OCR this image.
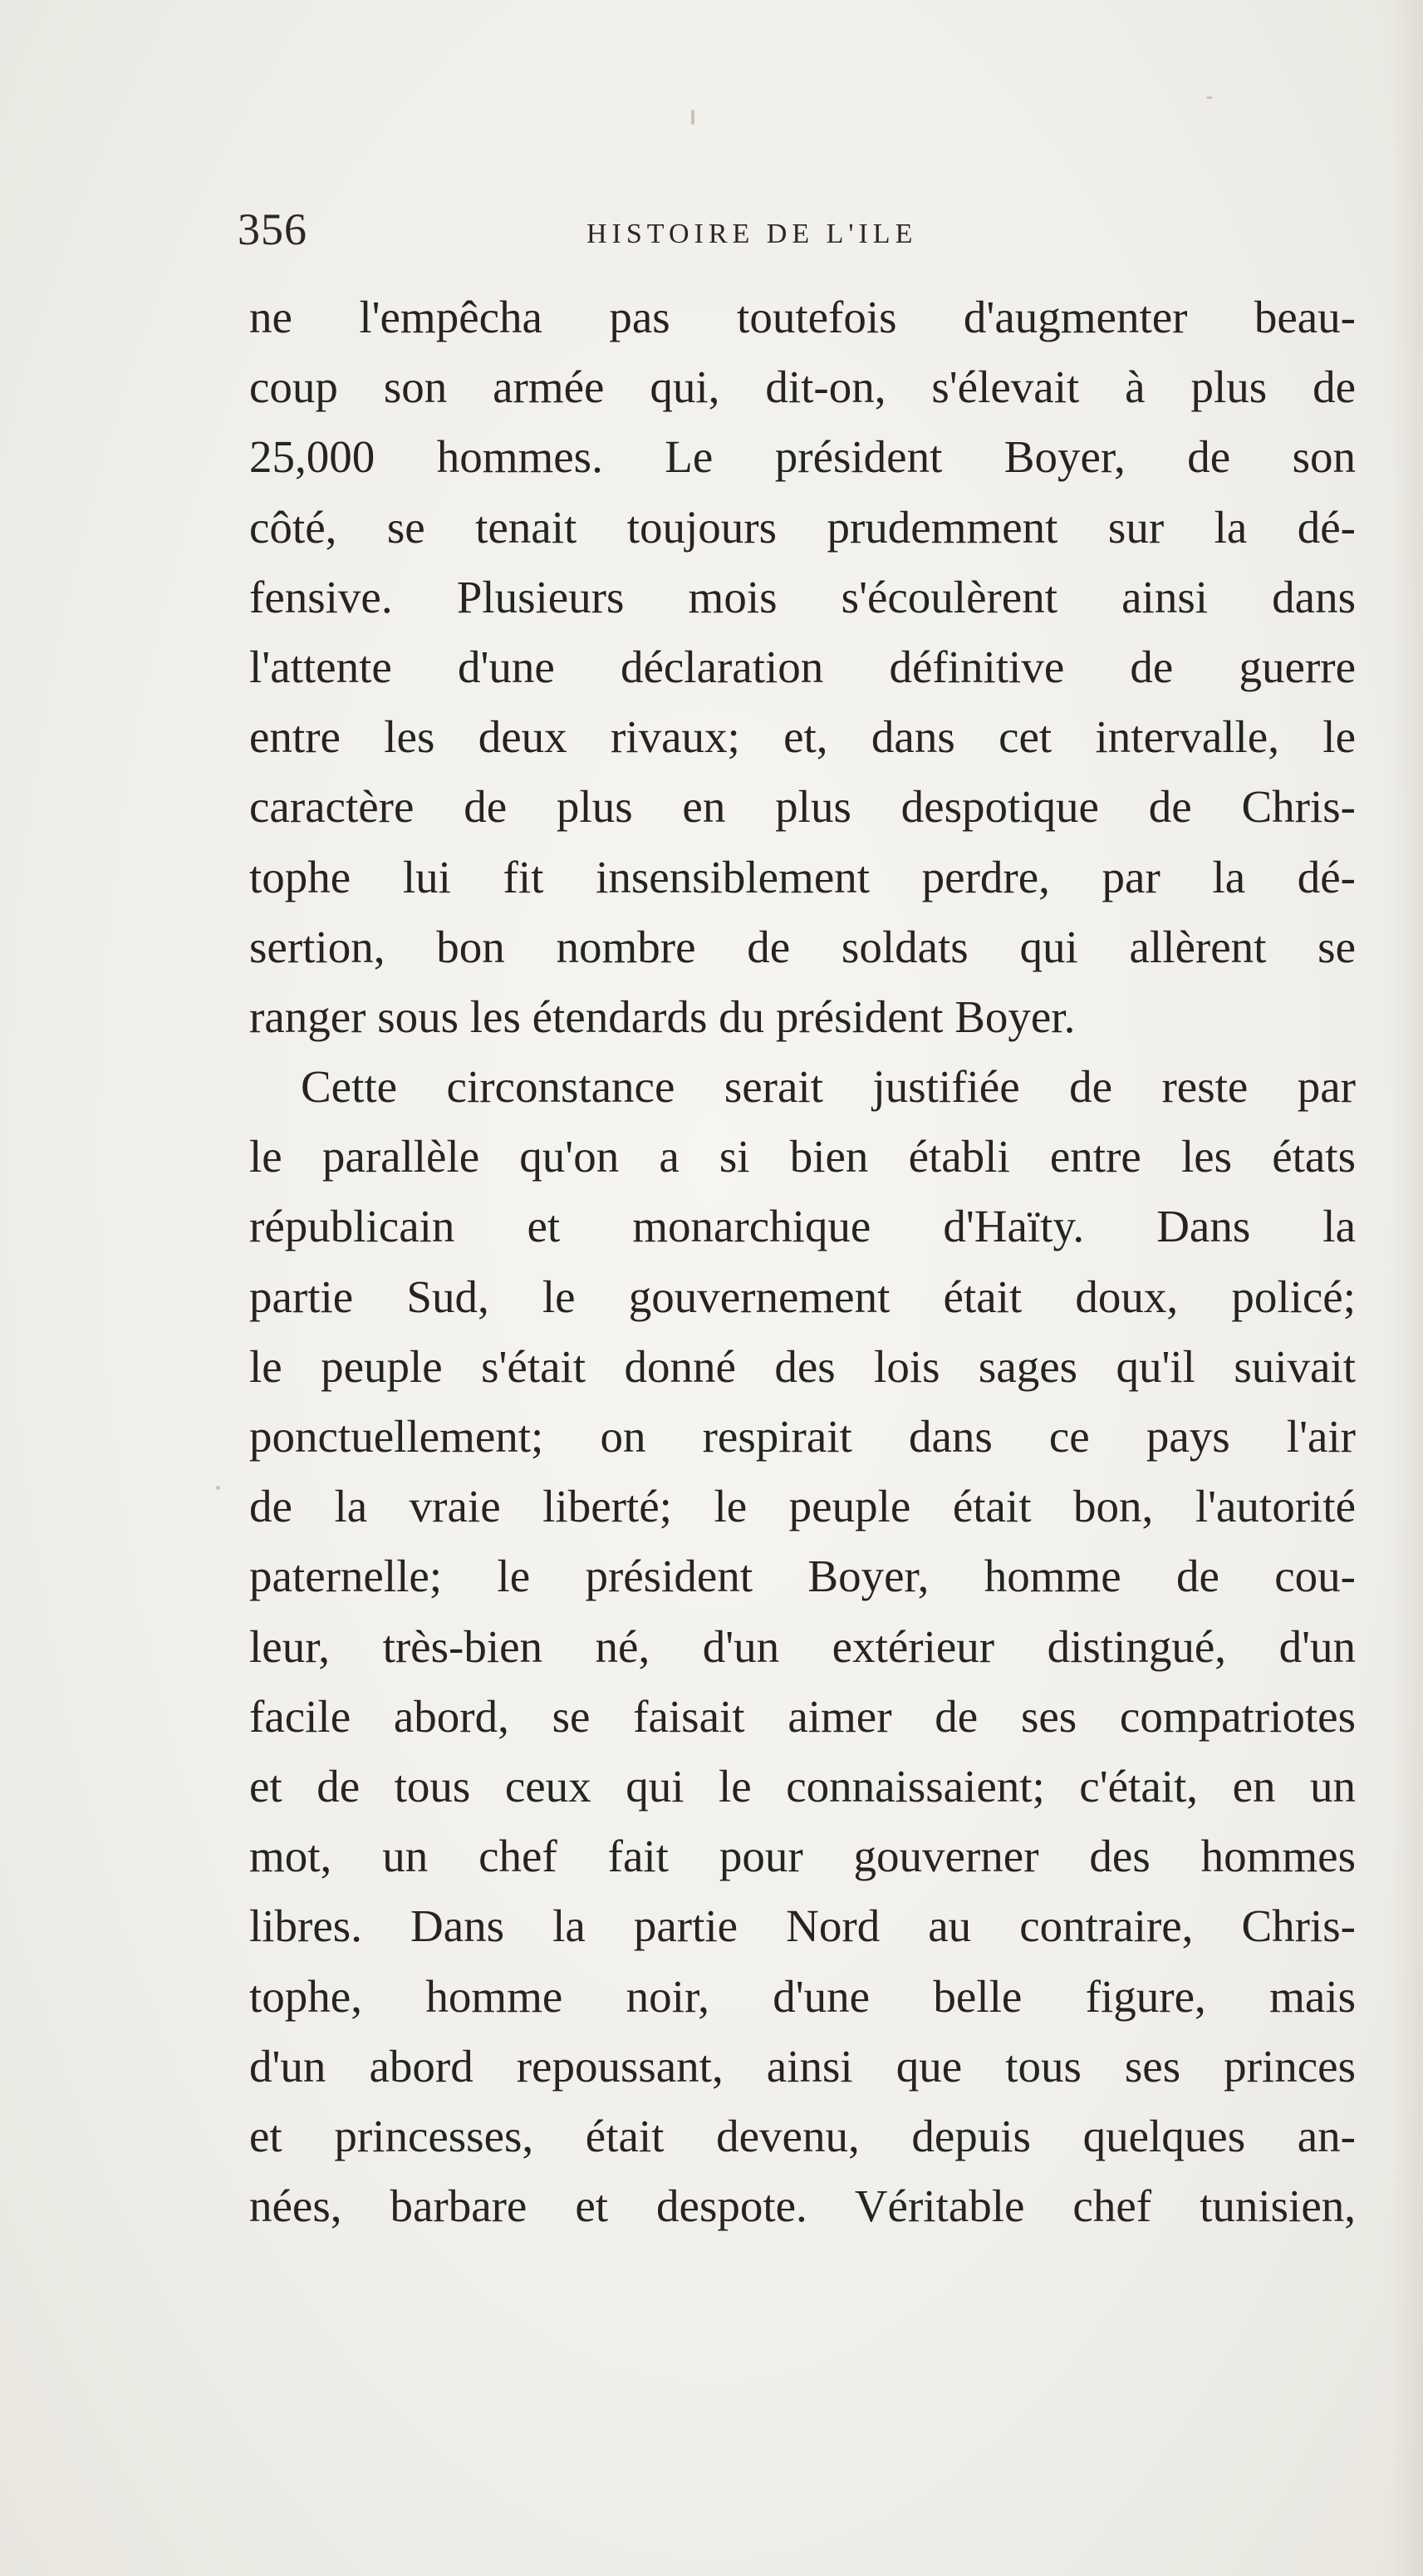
356	HISTOIRE DE L'ILE
ne l'empêcha pas toutefois d'augmenter beau-
coup son armée qui, dit-on, s'élevait à plus de
25,000 hommes. Le président Boyer, de son
côté, se tenait toujours prudemment sur la dé-
fensive. Plusieurs mois s'écoulèrent ainsi dans
l'attente d'une déclaration définitive de guerre
entre les deux rivaux; et, dans cet intervalle, le
caractère de plus en plus despotique de Chris-
tophe lui fit insensiblement perdre, par la dé-
sertion, bon nombre de soldats qui allèrent se
ranger sous les étendards du président Boyer.
Cette circonstance serait justifiée de reste par
le parallèle qu'on a si bien établi entre les états
républicain et monarchique d'Haïty. Dans la
partie Sud, le gouvernement était doux, policé;
le peuple s'était donné des lois sages qu'il suivait
ponctuellement; on respirait dans ce pays l'air
de la vraie liberté; le peuple était bon, l'autorité
paternelle; le président Boyer, homme de cou-
leur, très-bien né, d'un extérieur distingué, d'un
facile abord, se faisait aimer de ses compatriotes
et de tous ceux qui le connaissaient; c'était, en un
mot, un chef fait pour gouverner des hommes
libres. Dans la partie Nord au contraire, Chris-
tophe, homme noir, d'une belle figure, mais
d'un abord repoussant, ainsi que tous ses princes
et princesses, était devenu, depuis quelques an-
nées, barbare et despote. Véritable chef tunisien,
